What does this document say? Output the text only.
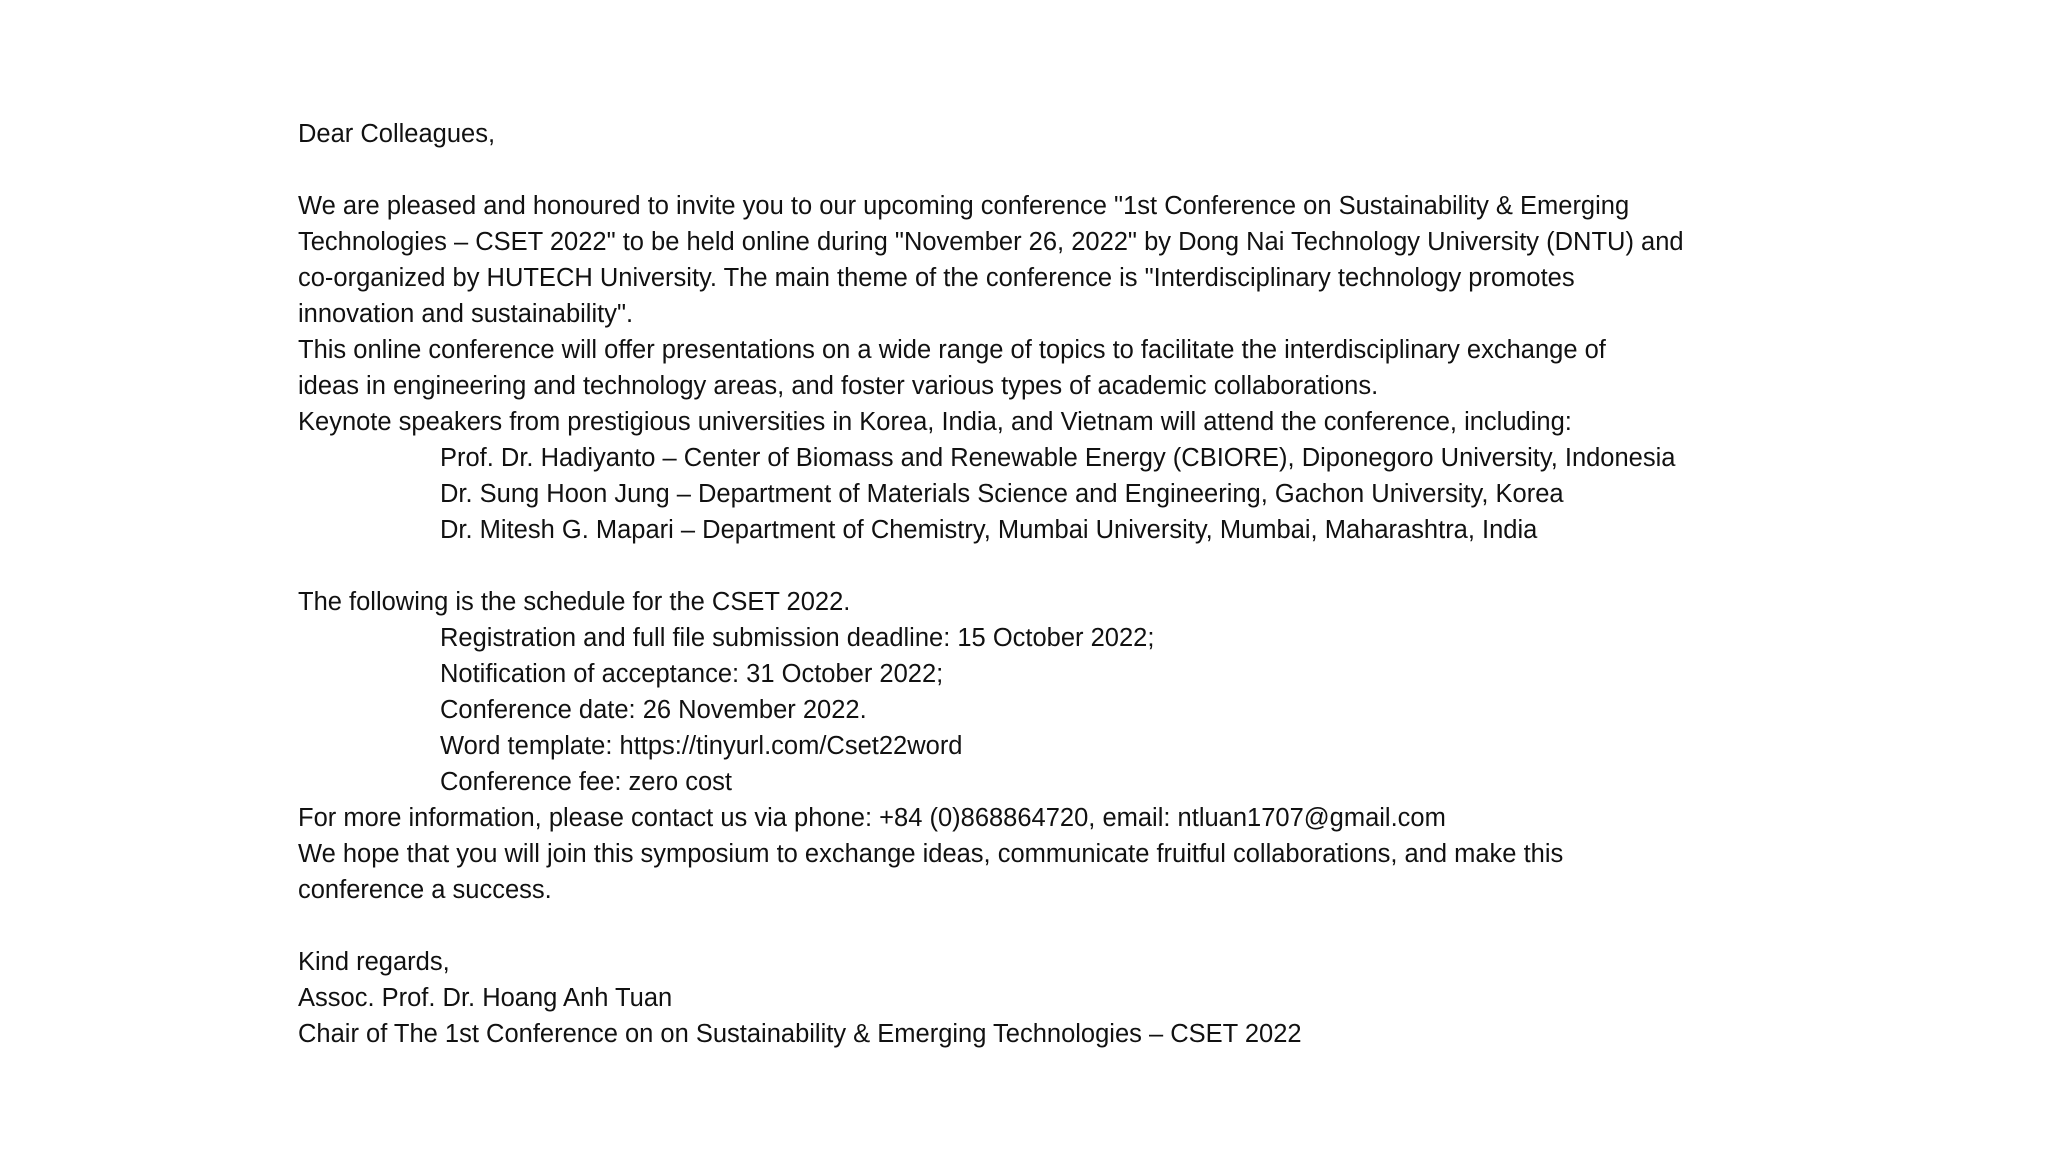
Dear Colleagues,
We are pleased and honoured to invite you to our upcoming conference "1st Conference on Sustainability & Emerging
Technologies – CSET 2022" to be held online during "November 26, 2022" by Dong Nai Technology University (DNTU) and
co-organized by HUTECH University. The main theme of the conference is "Interdisciplinary technology promotes
innovation and sustainability".
This online conference will offer presentations on a wide range of topics to facilitate the interdisciplinary exchange of
ideas in engineering and technology areas, and foster various types of academic collaborations.
Keynote speakers from prestigious universities in Korea, India, and Vietnam will attend the conference, including:
Prof. Dr. Hadiyanto – Center of Biomass and Renewable Energy (CBIORE), Diponegoro University, Indonesia
Dr. Sung Hoon Jung – Department of Materials Science and Engineering, Gachon University, Korea
Dr. Mitesh G. Mapari – Department of Chemistry, Mumbai University, Mumbai, Maharashtra, India
The following is the schedule for the CSET 2022.
Registration and full file submission deadline: 15 October 2022;
Notification of acceptance: 31 October 2022;
Conference date: 26 November 2022.
Word template: https://tinyurl.com/Cset22word
Conference fee: zero cost
For more information, please contact us via phone: +84 (0)868864720, email: ntluan1707@gmail.com
We hope that you will join this symposium to exchange ideas, communicate fruitful collaborations, and make this
conference a success.
Kind regards,
Assoc. Prof. Dr. Hoang Anh Tuan
Chair of The 1st Conference on on Sustainability & Emerging Technologies – CSET 2022
